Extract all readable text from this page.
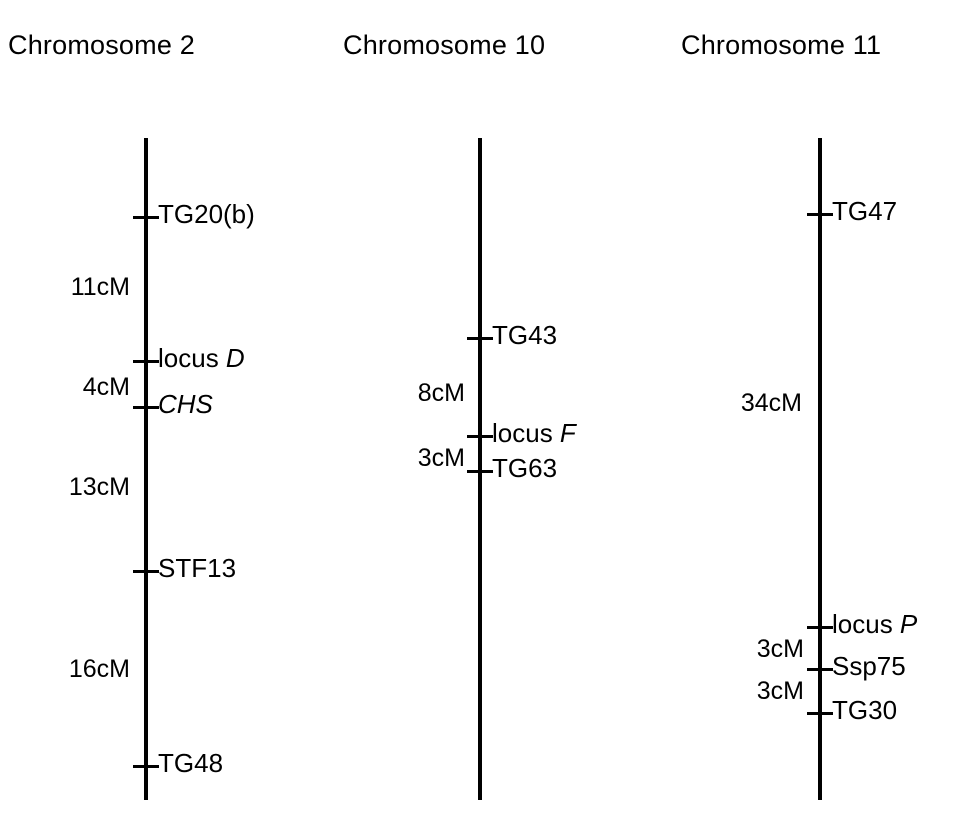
Chromosome 2
TG20(b)
locus D
CHS
STF13
TG48
11cM
4cM
13cM
16cM
Chromosome 10
TG43
locus F
TG63
8cM
3cM
Chromosome 11
TG47
locus P
Ssp75
TG30
34cM
3cM
3cM
